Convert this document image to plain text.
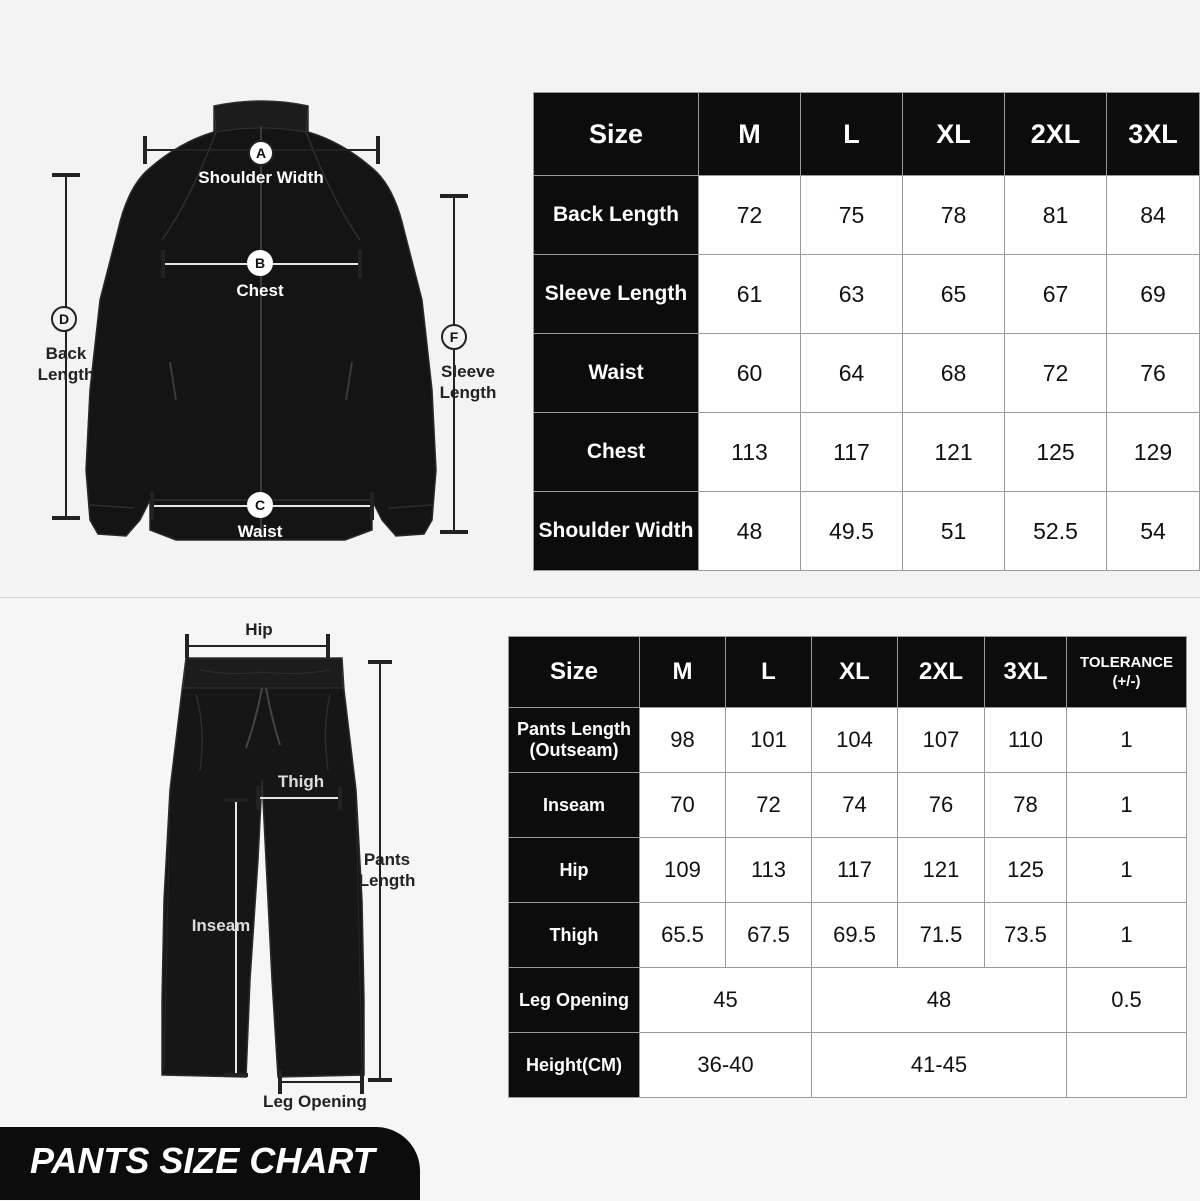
A
Shoulder Width
B
Chest
C
Waist
D
Back
Length
F
Sleeve
Length
Size	M	L	XL	2XL	3XL
Back Length	72	75	78	81	84
Sleeve Length	61	63	65	67	69
Waist	60	64	68	72	76
Chest	113	117	121	125	129
Shoulder Width	48	49.5	51	52.5	54
Hip
Thigh
Inseam
Pants
Length
Leg Opening
Size	M	L	XL	2XL	3XL	TOLERANCE
(+/-)
Pants Length
(Outseam)	98	101	104	107	110	1
Inseam	70	72	74	76	78	1
Hip	109	113	117	121	125	1
Thigh	65.5	67.5	69.5	71.5	73.5	1
Leg Opening	45		48			0.5
Height(CM)	36-40		41-45			
PANTS SIZE CHART
